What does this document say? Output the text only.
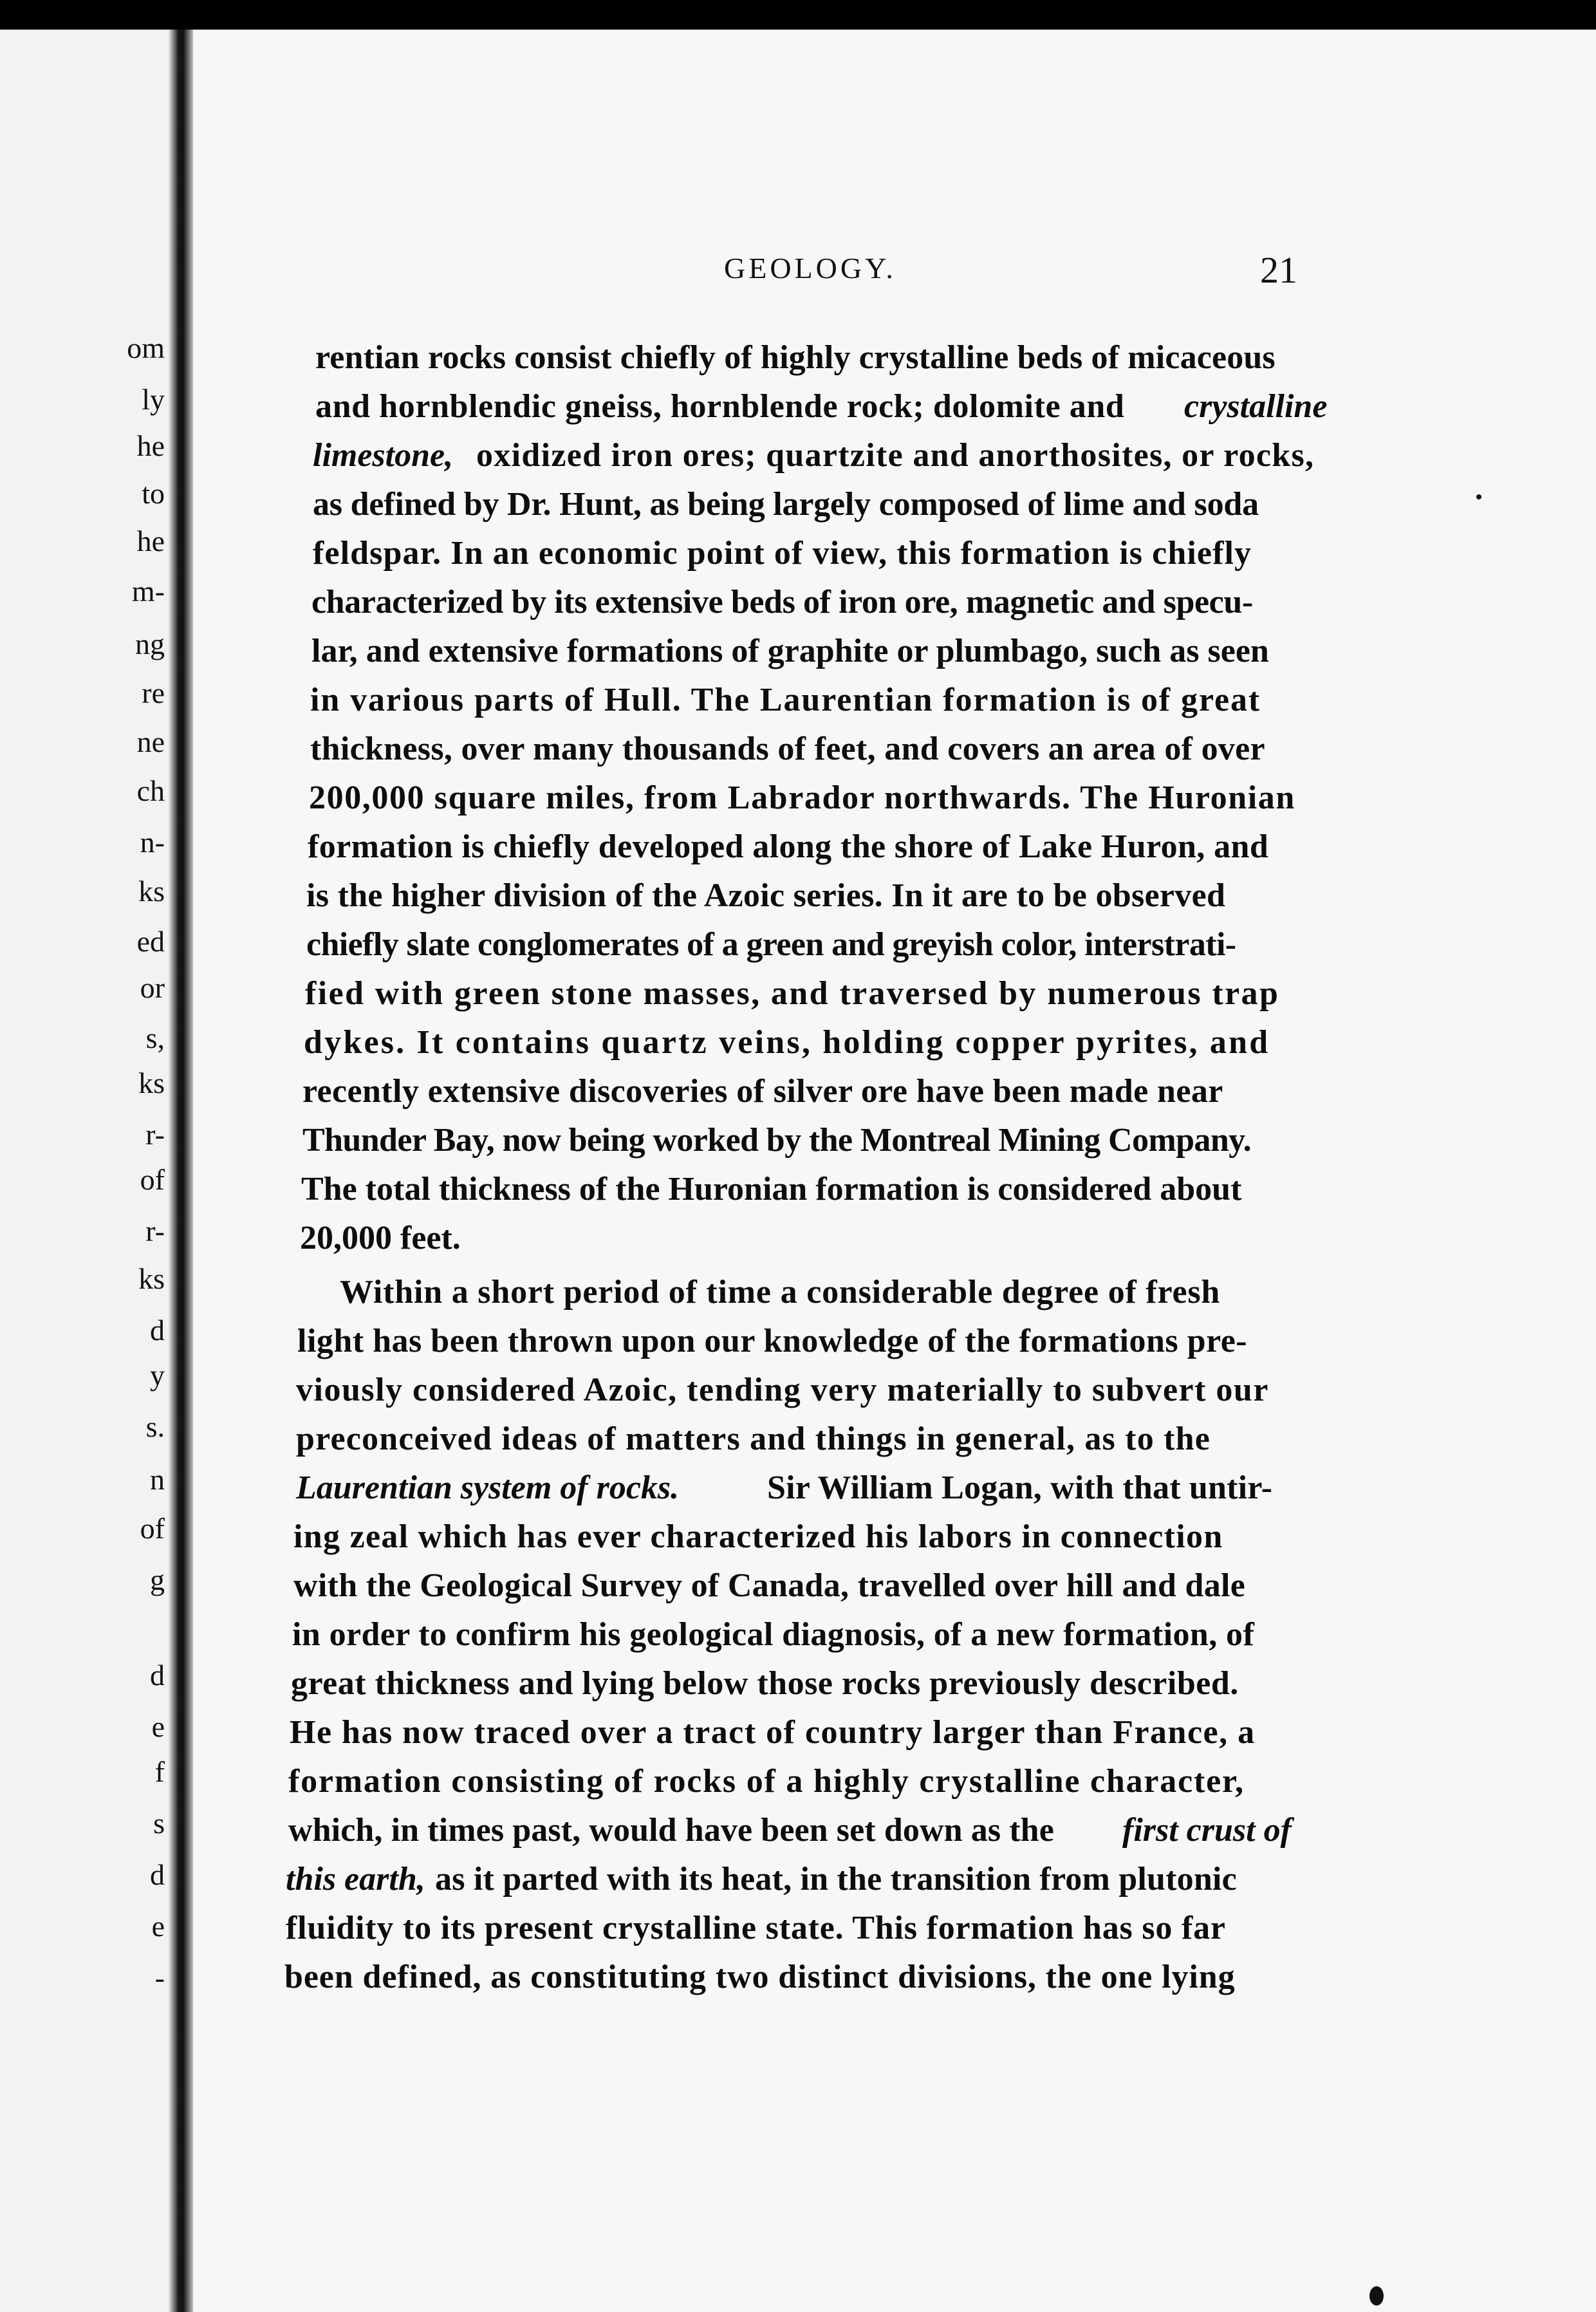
om
ly
he
to
he
m-
ng
re
ne
ch
n-
ks
ed
or
s,
ks
r-
of
r-
ks
d
y
s.
n
of
g
d
e
f
s
d
e
-
GEOLOGY.	21
rentian rocks consist chiefly of highly crystalline beds of micaceous
and hornblendic gneiss, hornblende rock; dolomite and crystalline
limestone, oxidized iron ores; quartzite and anorthosites, or rocks,
as defined by Dr. Hunt, as being largely composed of lime and soda
feldspar. In an economic point of view, this formation is chiefly
characterized by its extensive beds of iron ore, magnetic and specu-
lar, and extensive formations of graphite or plumbago, such as seen
in various parts of Hull. The Laurentian formation is of great
thickness, over many thousands of feet, and covers an area of over
200,000 square miles, from Labrador northwards. The Huronian
formation is chiefly developed along the shore of Lake Huron, and
is the higher division of the Azoic series. In it are to be observed
chiefly slate conglomerates of a green and greyish color, interstrati-
fied with green stone masses, and traversed by numerous trap
dykes. It contains quartz veins, holding copper pyrites, and
recently extensive discoveries of silver ore have been made near
Thunder Bay, now being worked by the Montreal Mining Company.
The total thickness of the Huronian formation is considered about
20,000 feet.
Within a short period of time a considerable degree of fresh
light has been thrown upon our knowledge of the formations pre-
viously considered Azoic, tending very materially to subvert our
preconceived ideas of matters and things in general, as to the
Laurentian system of rocks.	Sir William Logan, with that untir-
ing zeal which has ever characterized his labors in connection
with the Geological Survey of Canada, travelled over hill and dale
in order to confirm his geological diagnosis, of a new formation, of
great thickness and lying below those rocks previously described.
He has now traced over a tract of country larger than France, a
formation consisting of rocks of a highly crystalline character,
which, in times past, would have been set down as the first crust of
this earth, as it parted with its heat, in the transition from plutonic
fluidity to its present crystalline state. This formation has so far
been defined, as constituting two distinct divisions, the one lying
